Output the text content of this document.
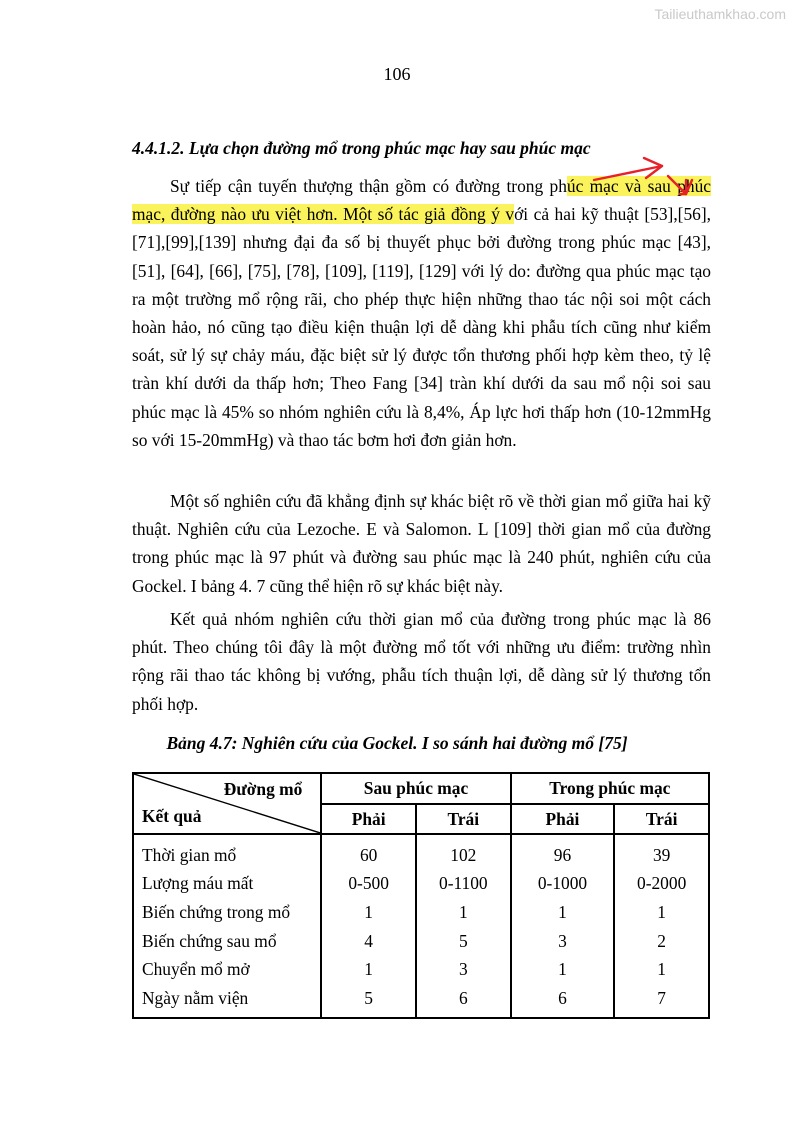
Tailieuthamkhao.com
106
4.4.1.2. Lựa chọn đường mổ trong phúc mạc hay sau phúc mạc

Sự tiếp cận tuyến thượng thận gồm có đường trong phúc mạc và sau phúc mạc, đường nào ưu việt hơn. Một số tác giả đồng ý với cả hai kỹ thuật [53],[56],[71],[99],[139] nhưng đại đa số bị thuyết phục bởi đường trong phúc mạc [43], [51], [64], [66], [75], [78], [109], [119], [129] với lý do: đường qua phúc mạc tạo ra một trường mổ rộng rãi, cho phép thực hiện những thao tác nội soi một cách hoàn hảo, nó cũng tạo điều kiện thuận lợi dễ dàng khi phẫu tích cũng như kiểm soát, sử lý sự chảy máu, đặc biệt sử lý được tổn thương phối hợp kèm theo, tỷ lệ tràn khí dưới da thấp hơn; Theo Fang [34] tràn khí dưới da sau mổ nội soi sau phúc mạc là 45% so nhóm nghiên cứu là 8,4%, Áp lực hơi thấp hơn (10-12mmHg so với 15-20mmHg) và thao tác bơm hơi đơn giản hơn.

Một số nghiên cứu đã khẳng định sự khác biệt rõ về thời gian mổ giữa hai kỹ thuật. Nghiên cứu của Lezoche. E và Salomon. L [109] thời gian mổ của đường trong phúc mạc là 97 phút và đường sau phúc mạc là 240 phút, nghiên cứu của Gockel. I bảng 4. 7 cũng thể hiện rõ sự khác biệt này.

Kết quả nhóm nghiên cứu thời gian mổ của đường trong phúc mạc là 86 phút. Theo chúng tôi đây là một đường mổ tốt với những ưu điểm: trường nhìn rộng rãi thao tác không bị vướng, phẫu tích thuận lợi, dễ dàng sử lý thương tổn phối hợp.

Bảng 4.7: Nghiên cứu của Gockel. I so sánh hai đường mổ [75]
Đường mổ
Kết quả	Sau phúc mạc		Trong phúc mạc	
	Phải	Trái	Phải	Trái
Thời gian mổ	60	102	96	39
Lượng máu mất	0-500	0-1100	0-1000	0-2000
Biến chứng trong mổ	1	1	1	1
Biến chứng sau mổ	4	5	3	2
Chuyển mổ mở	1	3	1	1
Ngày nằm viện	5	6	6	7
